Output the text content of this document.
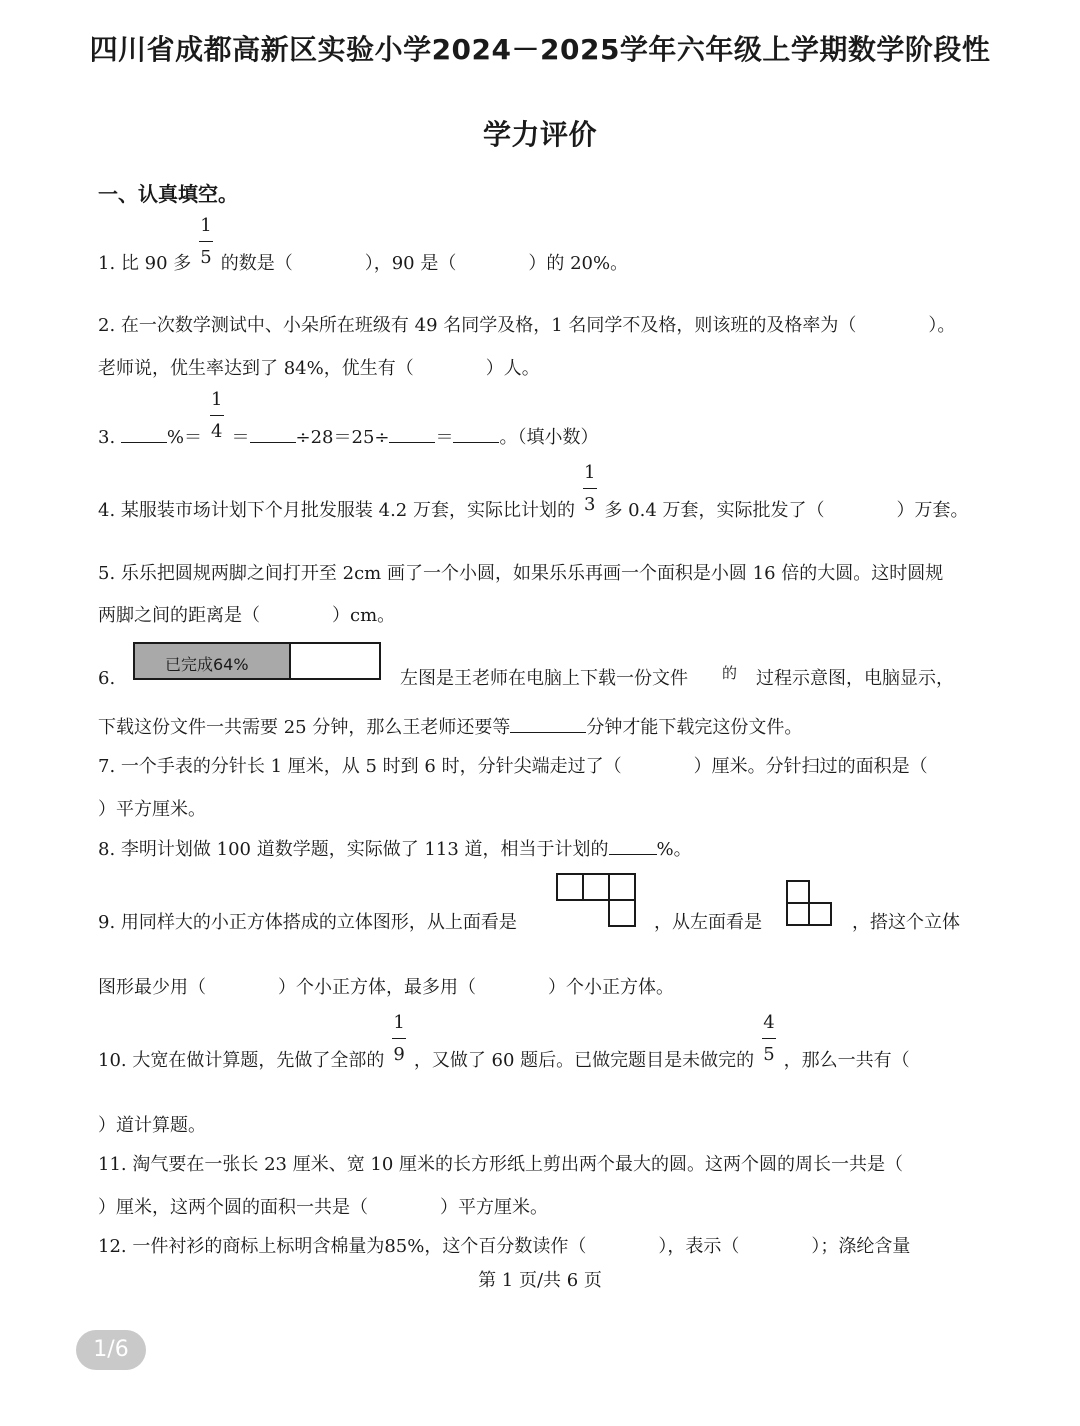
四川省成都高新区实验小学2024－2025学年六年级上学期数学阶段性
学力评价
一、认真填空。
1. 比 90 多 $\frac{1}{5}$ 的数是（　　　　），90 是（　　　　）的 20%。
2. 在一次数学测试中、小朵所在班级有 49 名同学及格，1 名同学不及格，则该班的及格率为（　　　　）。
老师说，优生率达到了 84%，优生有（　　　　）人。
3.	%＝ $\frac{1}{4}$ ＝	÷28＝25÷	＝	。（填小数）
4. 某服装市场计划下个月批发服装 4.2 万套，实际比计划的 $\frac{1}{3}$ 多 0.4 万套，实际批发了（　　　　）万套。
5. 乐乐把圆规两脚之间打开至 2cm 画了一个小圆，如果乐乐再画一个面积是小圆 16 倍的大圆。这时圆规
两脚之间的距离是（　　　　）cm。
6.
已完成64%
左图是王老师在电脑上下载一份文件 的 过程示意图，电脑显示，
下载这份文件一共需要 25 分钟，那么王老师还要等	分钟才能下载完这份文件。
7. 一个手表的分针长 1 厘米，从 5 时到 6 时，分针尖端走过了（　　　　）厘米。分针扫过的面积是（
）平方厘米。
8. 李明计划做 100 道数学题，实际做了 113 道，相当于计划的	%。
9. 用同样大的小正方体搭成的立体图形，从上面看是	，从左面看是	，搭这个立体
图形最少用（　　　　）个小正方体，最多用（　　　　）个小正方体。
10. 大宽在做计算题，先做了全部的 $\frac{1}{9}$ ，又做了 60 题后。已做完题目是未做完的 $\frac{4}{5}$ ，那么一共有（
）道计算题。
11. 淘气要在一张长 23 厘米、宽 10 厘米的长方形纸上剪出两个最大的圆。这两个圆的周长一共是（
）厘米，这两个圆的面积一共是（　　　　）平方厘米。
12. 一件衬衫的商标上标明含棉量为85%，这个百分数读作（　　　　），表示（　　　　）；涤纶含量
第 1 页/共 6 页
1/6
